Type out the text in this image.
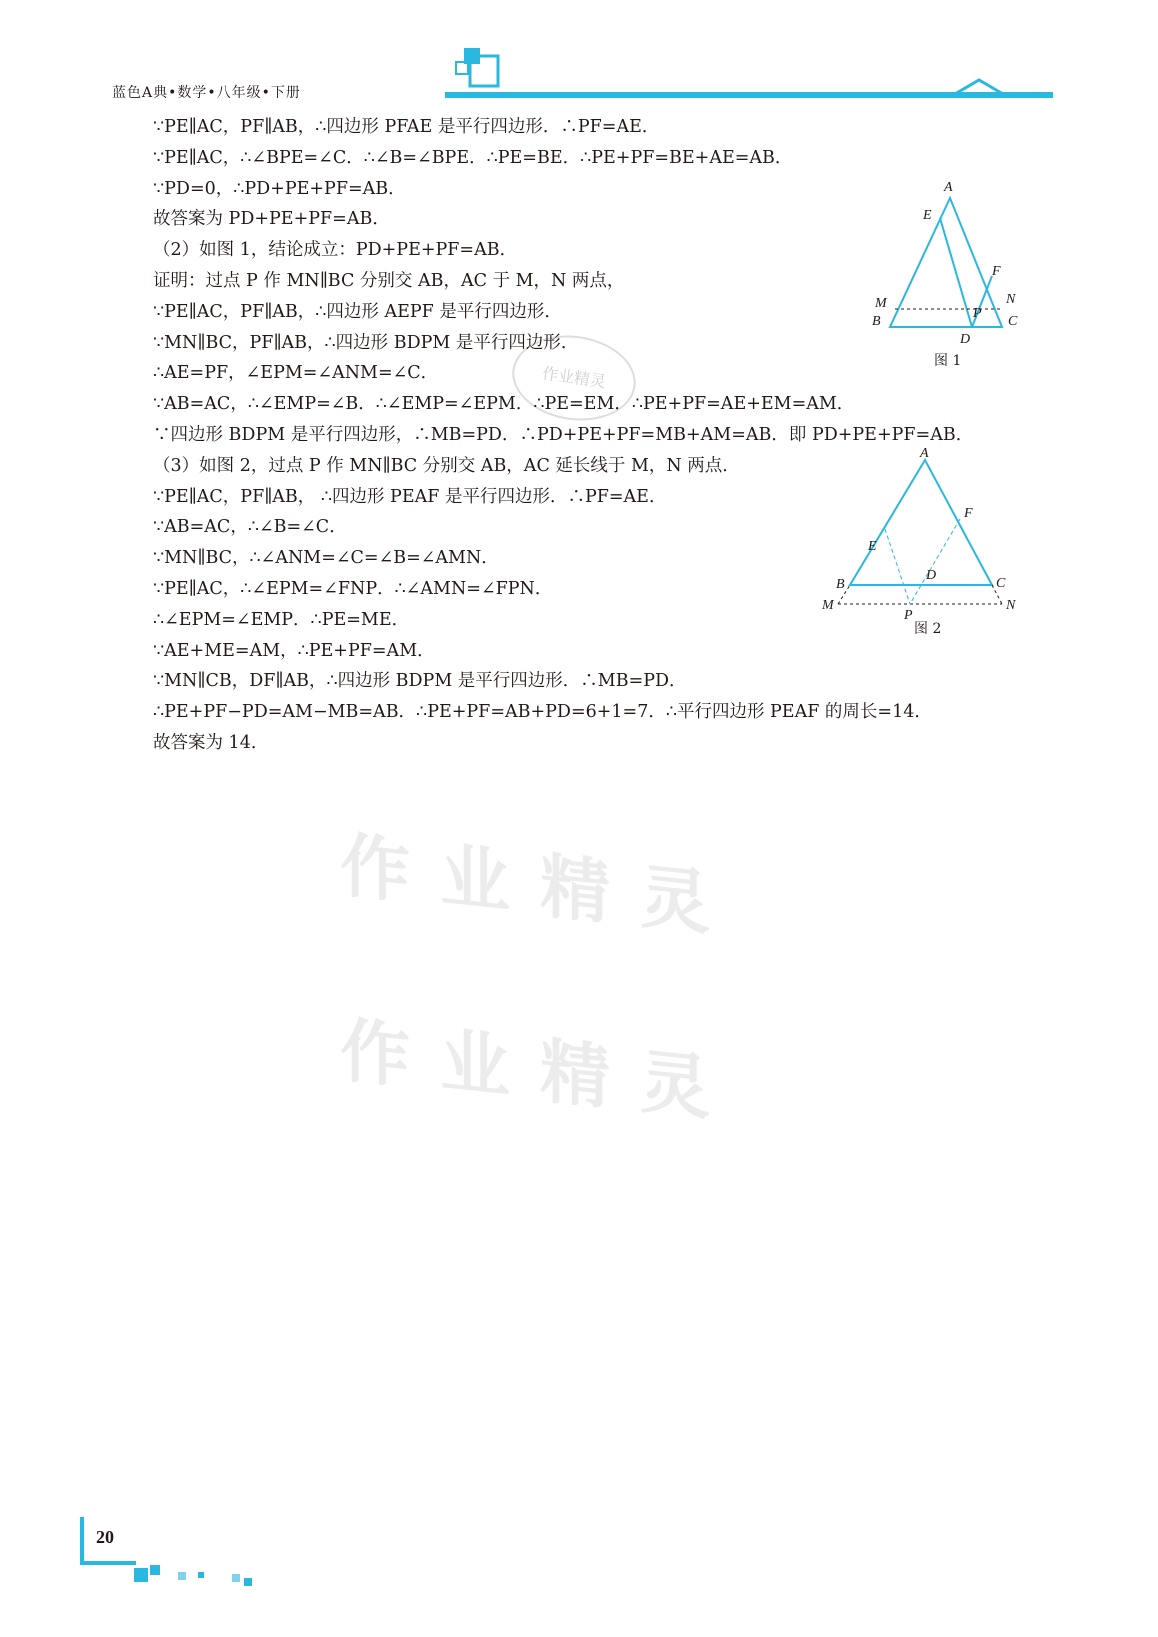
蓝色A典•数学•八年级•下册
作业精灵
作业精灵
作业精灵
∵PE∥AC，PF∥AB，∴四边形 PFAE 是平行四边形．∴PF=AE．
∵PE∥AC，∴∠BPE=∠C．∴∠B=∠BPE．∴PE=BE．∴PE+PF=BE+AE=AB．
∵PD=0，∴PD+PE+PF=AB．
故答案为 PD+PE+PF=AB．
（2）如图 1，结论成立：PD+PE+PF=AB．
证明：过点 P 作 MN∥BC 分别交 AB，AC 于 M，N 两点，
∵PE∥AC，PF∥AB，∴四边形 AEPF 是平行四边形．
∵MN∥BC，PF∥AB，∴四边形 BDPM 是平行四边形．
∴AE=PF，∠EPM=∠ANM=∠C．
∵AB=AC，∴∠EMP=∠B．∴∠EMP=∠EPM．∴PE=EM．∴PE+PF=AE+EM=AM．
∵四边形 BDPM 是平行四边形，∴MB=PD．∴PD+PE+PF=MB+AM=AB．即 PD+PE+PF=AB．
（3）如图 2，过点 P 作 MN∥BC 分别交 AB，AC 延长线于 M，N 两点．
∵PE∥AC，PF∥AB， ∴四边形 PEAF 是平行四边形．∴PF=AE．
∵AB=AC，∴∠B=∠C．
∵MN∥BC，∴∠ANM=∠C=∠B=∠AMN．
∵PE∥AC，∴∠EPM=∠FNP．∴∠AMN=∠FPN．
∴∠EPM=∠EMP．∴PE=ME．
∵AE+ME=AM，∴PE+PF=AM．
∵MN∥CB，DF∥AB，∴四边形 BDPM 是平行四边形．∴MB=PD．
∴PE+PF−PD=AM−MB=AB．∴PE+PF=AB+PD=6+1=7．∴平行四边形 PEAF 的周长=14．
故答案为 14．
A
E
F
M	N
B
P
D
C
图 1
A
F
E
D
B	C
M	N
P
图 2
20
